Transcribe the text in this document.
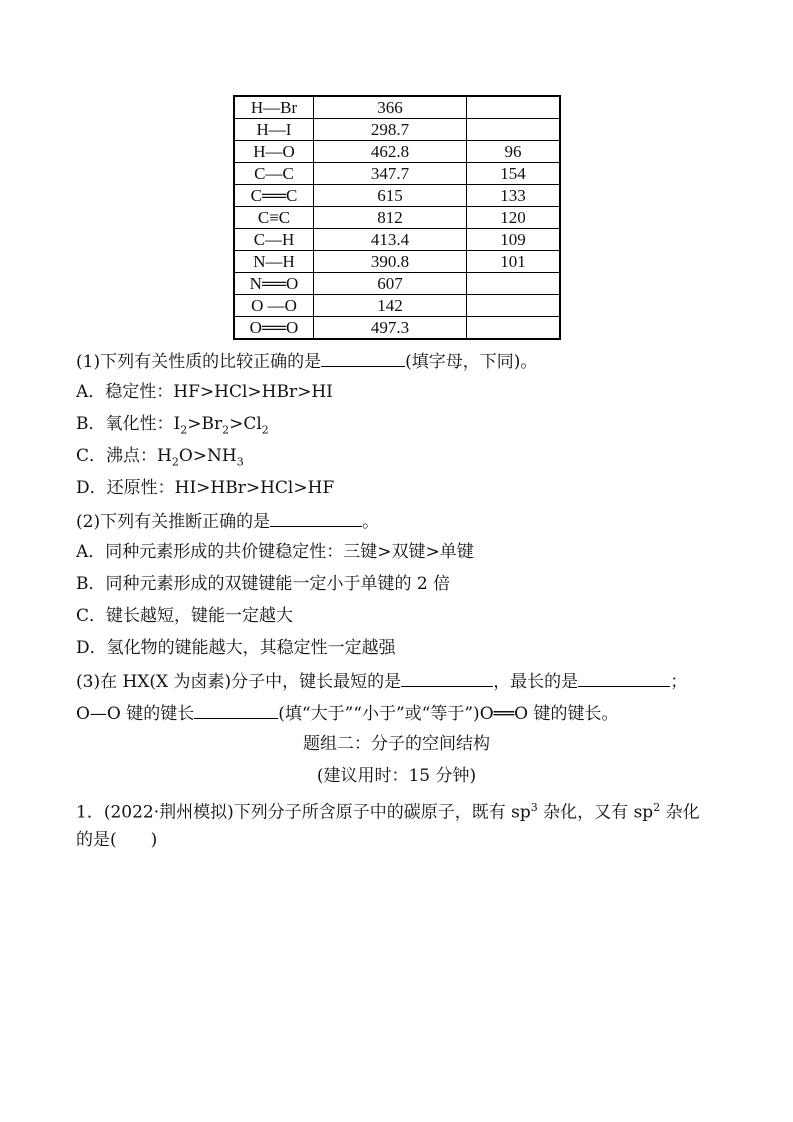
H—Br	366	
H—I	298.7	
H—O	462.8	96
C—C	347.7	154
C══C	615	133
C≡C	812	120
C—H	413.4	109
N—H	390.8	101
N══O	607	
O —O	142	
O══O	497.3	
(1)下列有关性质的比较正确的是	(填字母，下同)。
A．稳定性：HF>HCl>HBr>HI
B．氧化性：$I_2>Br_2>Cl_2$
C．沸点：$H_2O>NH_3$
D．还原性：HI>HBr>HCl>HF
(2)下列有关推断正确的是	。
A．同种元素形成的共价键稳定性：三键>双键>单键
B．同种元素形成的双键键能一定小于单键的 2 倍
C．键长越短，键能一定越大
D．氢化物的键能越大，其稳定性一定越强
(3)在 HX(X 为卤素)分子中，键长最短的是	，最长的是	；
O—O 键的键长	(填“大于”“小于”或“等于”)O══O 键的键长。
题组二：分子的空间结构
(建议用时：15 分钟)
1．(2022·荆州模拟)下列分子所含原子中的碳原子，既有 $sp^3$ 杂化，又有 $sp^2$ 杂化
的是(　　)
